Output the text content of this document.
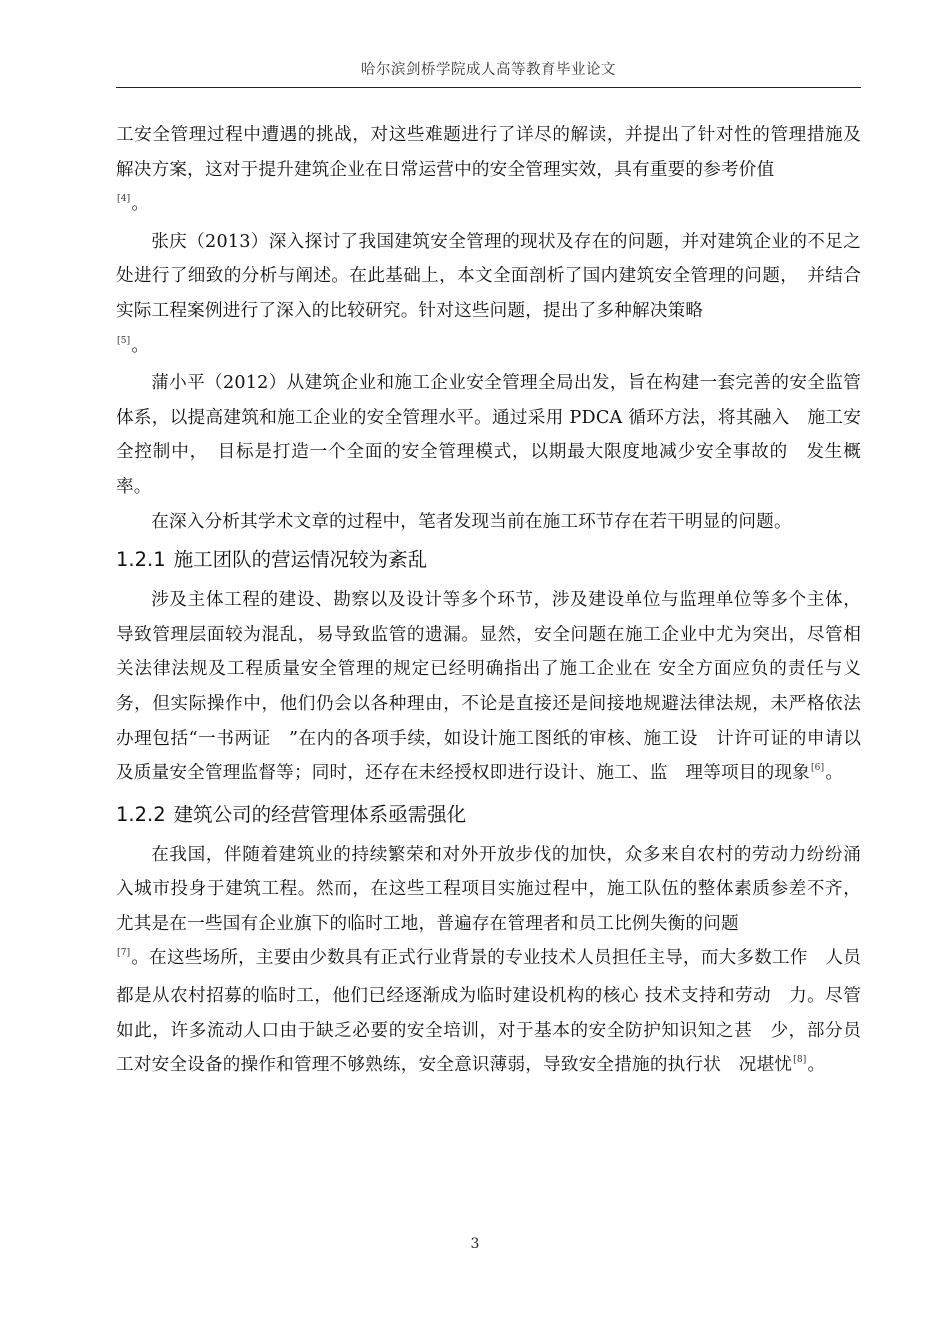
哈尔滨剑桥学院成人高等教育毕业论文

工安全管理过程中遭遇的挑战，对这些难题进行了详尽的解读，并提出了针对性的管理措施及解决方案，这对于提升建筑企业在日常运营中的安全管理实效，具有重要的参考价值
[4]。

张庆（2013）深入探讨了我国建筑安全管理的现状及存在的问题，并对建筑企业的不足之处进行了细致的分析与阐述。在此基础上，本文全面剖析了国内建筑安全管理的问题，　并结合实际工程案例进行了深入的比较研究。针对这些问题，提出了多种解决策略
[5]。

蒲小平（2012）从建筑企业和施工企业安全管理全局出发，旨在构建一套完善的安全监管体系，以提高建筑和施工企业的安全管理水平。通过采用 PDCA 循环方法，将其融入　施工安全控制中，　目标是打造一个全面的安全管理模式，以期最大限度地减少安全事故的　发生概率。

在深入分析其学术文章的过程中，笔者发现当前在施工环节存在若干明显的问题。

1.2.1 施工团队的营运情况较为紊乱

涉及主体工程的建设、勘察以及设计等多个环节，涉及建设单位与监理单位等多个主体，导致管理层面较为混乱，易导致监管的遗漏。显然，安全问题在施工企业中尤为突出，尽管相关法律法规及工程质量安全管理的规定已经明确指出了施工企业在 安全方面应负的责任与义务，但实际操作中，他们仍会以各种理由，不论是直接还是间接地规避法律法规，未严格依法办理包括“一书两证　”在内的各项手续，如设计施工图纸的审核、施工设　计许可证的申请以及质量安全管理监督等；同时，还存在未经授权即进行设计、施工、监　理等项目的现象[6]。

1.2.2 建筑公司的经营管理体系亟需强化

在我国，伴随着建筑业的持续繁荣和对外开放步伐的加快，众多来自农村的劳动力纷纷涌入城市投身于建筑工程。然而，在这些工程项目实施过程中，施工队伍的整体素质参差不齐，尤其是在一些国有企业旗下的临时工地，普遍存在管理者和员工比例失衡的问题
[7]。在这些场所，主要由少数具有正式行业背景的专业技术人员担任主导，而大多数工作　人员都是从农村招募的临时工，他们已经逐渐成为临时建设机构的核心 技术支持和劳动　力。尽管如此，许多流动人口由于缺乏必要的安全培训，对于基本的安全防护知识知之甚　少，部分员工对安全设备的操作和管理不够熟练，安全意识薄弱，导致安全措施的执行状　况堪忧[8]。

3
